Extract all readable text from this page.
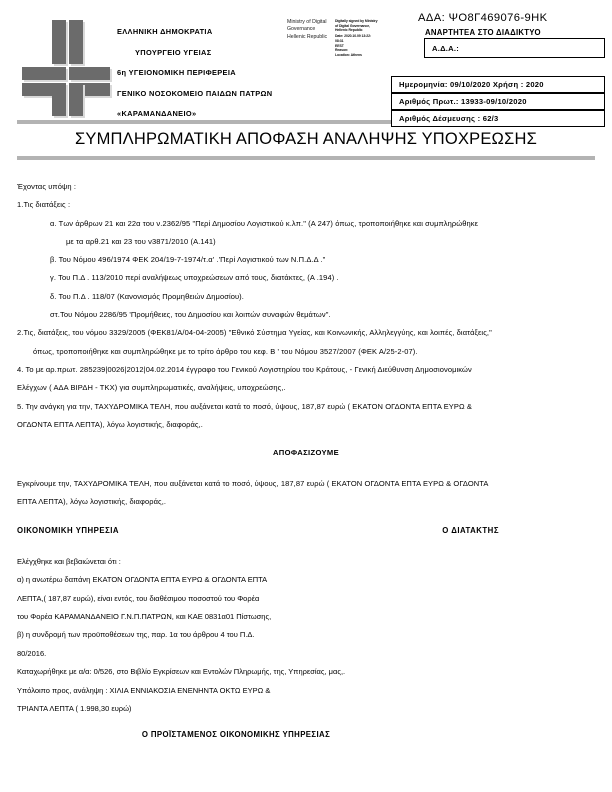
ΕΛΛΗΝΙΚΗ ΔΗΜΟΚΡΑΤΙΑ
ΥΠΟΥΡΓΕΙΟ ΥΓΕΙΑΣ
6η ΥΓΕΙΟΝΟΜΙΚΗ ΠΕΡΙΦΕΡΕΙΑ
ΓΕΝΙΚΟ ΝΟΣΟΚΟΜΕΙΟ ΠΑΙΔΩΝ ΠΑΤΡΩΝ
«ΚΑΡΑΜΑΝΔΑΝΕΙΟ»
Ministry of Digital
Governance
Hellenic Republic
Digitally signed by Ministry
of Digital Governance,
Hellenic Republic
Date: 2020.10.09 13:22:
08:31
EEST
Reason:
Location: Athens
ΑΔΑ: ΨΟ8Γ469076-9ΗΚ
ΑΝΑΡΤΗΤΕΑ ΣΤΟ ΔΙΑΔΙΚΤΥΟ
Α.Δ.Α.:
Ημερομηνία: 09/10/2020 Χρήση : 2020
Αριθμός Πρωτ.: 13933-09/10/2020
Αριθμός Δέσμευσης : 62/3
ΣΥΜΠΛΗΡΩΜΑΤΙΚΗ ΑΠΟΦΑΣΗ ΑΝΑΛΗΨΗΣ ΥΠΟΧΡΕΩΣΗΣ
Έχοντας υπόψη :
1.Τις διατάξεις :
α. Των άρθρων 21 και 22α του ν.2362/95 "Περί Δημοσίου Λογιστικού κ.λπ." (Α 247) όπως, τροποποιήθηκε και συμπληρώθηκε
με τα αρθ.21 και 23 του ν3871/2010 (Α.141)
β. Του Νόμου 496/1974 ΦΕΚ 204/19-7-1974/τ.α' .'Περί Λογιστικού των Ν.Π.Δ.Δ ."
γ. Του Π.Δ . 113/2010 περί αναλήψεως υποχρεώσεων από τους, διατάκτες, (Α .194) .
δ. Του Π.Δ . 118/07 (Κανονισμός Προμηθειών Δημοσίου).
στ.Του Νόμου 2286/95 'Προμήθειες, του Δημοσίου και λοιπών συναφών θεμάτων".
2.Τις, διατάξεις, του νόμου 3329/2005 (ΦΕΚ81/Α/04-04-2005) "Εθνικό Σύστημα Υγείας, και Κοινωνικής, Αλληλεγγύης, και λοιπές, διατάξεις,"
όπως, τροποποιήθηκε και συμπληρώθηκε με το τρίτο άρθρο του κεφ. Β ' του Νόμου 3527/2007 (ΦΕΚ Α/25-2-07).
4. Το με αρ.πρωτ. 285239|0026|2012|04.02.2014 έγγραφο του Γενικού Λογιστηρίου του Κράτους, - Γενική Διεύθυνση Δημοσιονομικών
Ελέγχων ( ΑΔΑ ΒΙΡΔΗ - ΤΚΧ) για συμπληρωματικές, αναλήψεις, υποχρεώσης,.
5. Την ανάγκη για την, ΤΑΧΥΔΡΟΜΙΚΑ ΤΕΛΗ, που αυξάνεται κατά το ποσό, ύψους, 187,87 ευρώ ( ΕΚΑΤΟΝ ΟΓΔΟΝΤΑ ΕΠΤΑ ΕΥΡΩ &
ΟΓΔΟΝΤΑ ΕΠΤΑ ΛΕΠΤΑ), λόγω λογιστικής, διαφοράς,.
ΑΠΟΦΑΣΙΖΟΥΜΕ
Εγκρίνουμε την, ΤΑΧΥΔΡΟΜΙΚΑ ΤΕΛΗ, που αυξάνεται κατά το ποσό, ύψους, 187,87 ευρώ ( ΕΚΑΤΟΝ ΟΓΔΟΝΤΑ ΕΠΤΑ ΕΥΡΩ & ΟΓΔΟΝΤΑ
ΕΠΤΑ ΛΕΠΤΑ), λόγω λογιστικής, διαφοράς,.
ΟΙΚΟΝΟΜΙΚΗ ΥΠΗΡΕΣΙΑ	Ο ΔΙΑΤΑΚΤΗΣ
Ελέγχθηκε και βεβαιώνεται ότι :
α) η ανωτέρω δαπάνη ΕΚΑΤΟΝ ΟΓΔΟΝΤΑ ΕΠΤΑ ΕΥΡΩ & ΟΓΔΟΝΤΑ ΕΠΤΑ
ΛΕΠΤΑ,( 187,87 ευρώ), είναι εντός, του διαθέσιμου ποσοστού του Φορέα
του Φορέα ΚΑΡΑΜΑΝΔΑΝΕΙΟ Γ.Ν.Π.ΠΑΤΡΩΝ, και ΚΑΕ 0831α01 Πίστωσης,
β) η συνδρομή των προϋποθέσεων της, παρ. 1α του άρθρου 4 του Π.Δ.
80/2016.
Καταχωρήθηκε με α/α: 0/526, στο Βιβλίο Εγκρίσεων και Εντολών Πληρωμής, της, Υπηρεσίας, μας,.
Υπόλοιπο προς, ανάληψη : ΧΙΛΙΑ ΕΝΝΙΑΚΟΣΙΑ ΕΝΕΝΗΝΤΑ ΟΚΤΩ ΕΥΡΩ &
ΤΡΙΑΝΤΑ ΛΕΠΤΑ ( 1.998,30 ευρώ)
Ο ΠΡΟΪΣΤΑΜΕΝΟΣ ΟΙΚΟΝΟΜΙΚΗΣ ΥΠΗΡΕΣΙΑΣ
